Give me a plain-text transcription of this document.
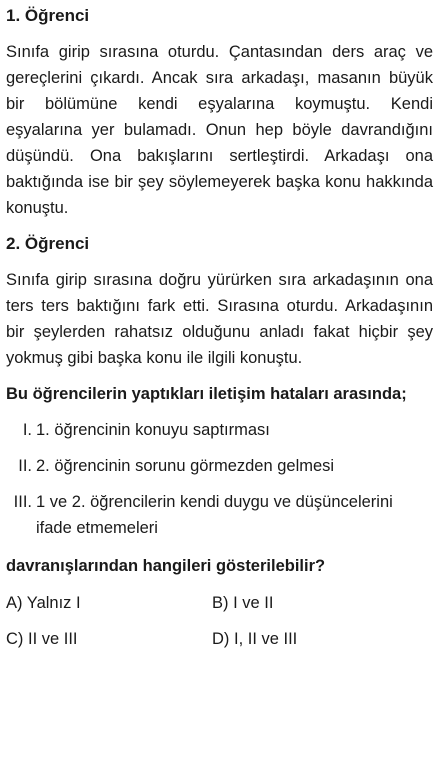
1. Öğrenci

Sınıfa girip sırasına oturdu. Çantasından ders araç ve gereçlerini çıkardı. Ancak sıra arkadaşı, masanın büyük bir bölümüne kendi eşyalarına koymuştu. Kendi eşyalarına yer bulamadı. Onun hep böyle davrandığını düşündü. Ona bakışlarını sertleştirdi. Arkadaşı ona baktığında ise bir şey söylemeyerek başka konu hakkında konuştu.

2. Öğrenci

Sınıfa girip sırasına doğru yürürken sıra arkadaşının ona ters ters baktığını fark etti. Sırasına oturdu. Arkadaşının bir şeylerden rahatsız olduğunu anladı fakat hiçbir şey yokmuş gibi başka konu ile ilgili konuştu.

Bu öğrencilerin yaptıkları iletişim hataları arasında;

I. 1. öğrencinin konuyu saptırması
II. 2. öğrencinin sorunu görmezden gelmesi
III. 1 ve 2. öğrencilerin kendi duygu ve düşüncelerini ifade etmemeleri

davranışlarından hangileri gösterilebilir?

A) Yalnız I	B) I ve II
C) II ve III	D) I, II ve III
